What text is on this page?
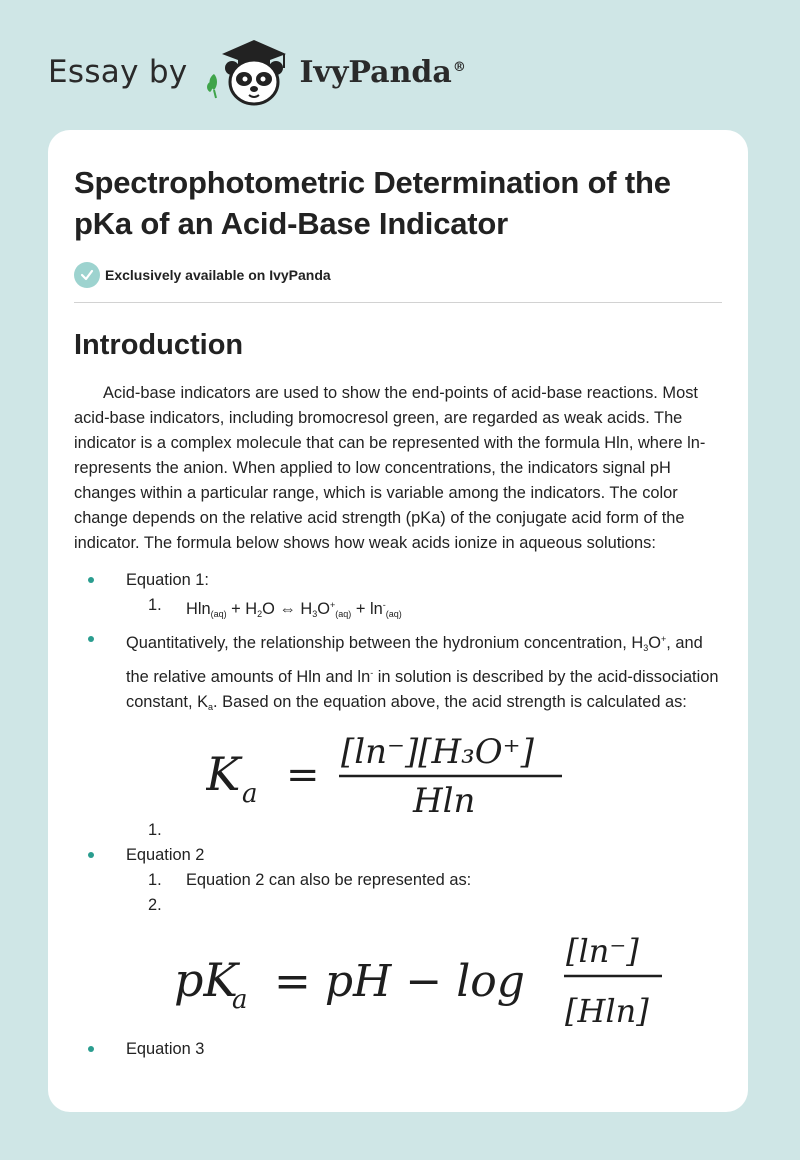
Essay by	IvyPanda®
Spectrophotometric Determination of the pKa of an Acid-Base Indicator
Exclusively available on IvyPanda
Introduction

Acid-base indicators are used to show the end-points of acid-base reactions. Most acid-base indicators, including bromocresol green, are regarded as weak acids. The indicator is a complex molecule that can be represented with the formula Hln, where ln- represents the anion. When applied to low concentrations, the indicators signal pH changes within a particular range, which is variable among the indicators. The color change depends on the relative acid strength (pKa) of the conjugate acid form of the indicator. The formula below shows how weak acids ionize in aqueous solutions:

Equation 1:
1. $Hln_{(aq)} + H_2O$ ⇔ $H_3O^+_{(aq)} + \ln^-_{(aq)}$
Quantitatively, the relationship between the hydronium concentration, $H_3O^+$, and the relative amounts of Hln and ln- in solution is described by the acid-dissociation constant, $K_a$. Based on the equation above, the acid strength is calculated as:
K a = [ln⁻][H₃O⁺]
Hln
1.

Equation 2
1. Equation 2 can also be represented as:
2.

pK
a = pH − log
[ln⁻]
[Hln]
Equation 3
